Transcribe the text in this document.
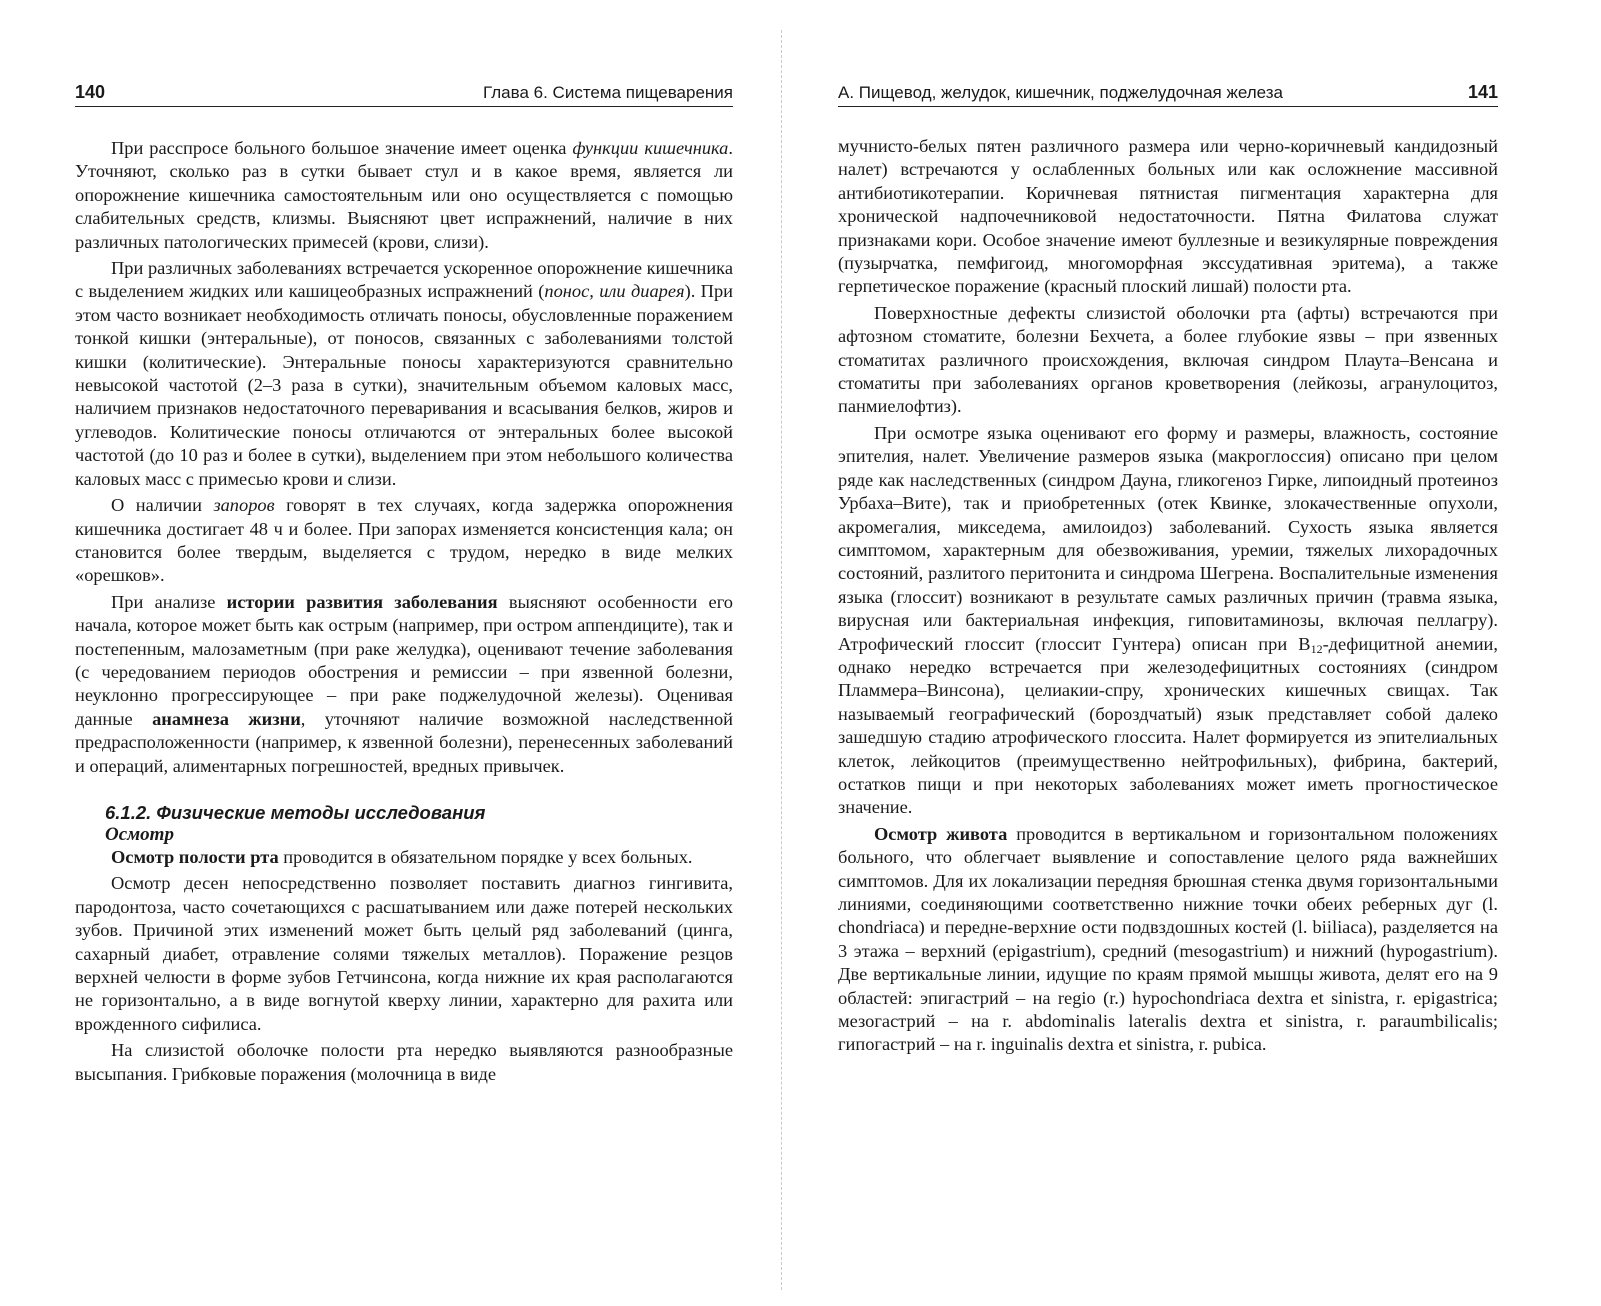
140	Глава 6. Система пищеварения

При расспросе больного большое значение имеет оценка функции кишечника. Уточняют, сколько раз в сутки бывает стул и в какое время, является ли опорожнение кишечника самостоятельным или оно осуществляется с помощью слабительных средств, клизмы. Выясняют цвет испражнений, наличие в них различных патологических примесей (крови, слизи).

При различных заболеваниях встречается ускоренное опорожнение кишечника с выделением жидких или кашицеобразных испражнений (понос, или диарея). При этом часто возникает необходимость отличать поносы, обусловленные поражением тонкой кишки (энтеральные), от поносов, связанных с заболеваниями толстой кишки (колитические). Энтеральные поносы характеризуются сравнительно невысокой частотой (2–3 раза в сутки), значительным объемом каловых масс, наличием признаков недостаточного переваривания и всасывания белков, жиров и углеводов. Колитические поносы отличаются от энтеральных более высокой частотой (до 10 раз и более в сутки), выделением при этом небольшого количества каловых масс с примесью крови и слизи.

О наличии запоров говорят в тех случаях, когда задержка опорожнения кишечника достигает 48 ч и более. При запорах изменяется консистенция кала; он становится более твердым, выделяется с трудом, нередко в виде мелких «орешков».

При анализе истории развития заболевания выясняют особенности его начала, которое может быть как острым (например, при остром аппендиците), так и постепенным, малозаметным (при раке желудка), оценивают течение заболевания (с чередованием периодов обострения и ремиссии – при язвенной болезни, неуклонно прогрессирующее – при раке поджелудочной железы). Оценивая данные анамнеза жизни, уточняют наличие возможной наследственной предрасположенности (например, к язвенной болезни), перенесенных заболеваний и операций, алиментарных погрешностей, вредных привычек.

6.1.2. Физические методы исследования
Осмотр

Осмотр полости рта проводится в обязательном порядке у всех больных.

Осмотр десен непосредственно позволяет поставить диагноз гингивита, пародонтоза, часто сочетающихся с расшатыванием или даже потерей нескольких зубов. Причиной этих изменений может быть целый ряд заболеваний (цинга, сахарный диабет, отравление солями тяжелых металлов). Поражение резцов верхней челюсти в форме зубов Гетчинсона, когда нижние их края располагаются не горизонтально, а в виде вогнутой кверху линии, характерно для рахита или врожденного сифилиса.

На слизистой оболочке полости рта нередко выявляются разнообразные высыпания. Грибковые поражения (молочница в виде

А. Пищевод, желудок, кишечник, поджелудочная железа	141

мучнисто-белых пятен различного размера или черно-коричневый кандидозный налет) встречаются у ослабленных больных или как осложнение массивной антибиотикотерапии. Коричневая пятнистая пигментация характерна для хронической надпочечниковой недостаточности. Пятна Филатова служат признаками кори. Особое значение имеют буллезные и везикулярные повреждения (пузырчатка, пемфигоид, многоморфная экссудативная эритема), а также герпетическое поражение (красный плоский лишай) полости рта.

Поверхностные дефекты слизистой оболочки рта (афты) встречаются при афтозном стоматите, болезни Бехчета, а более глубокие язвы – при язвенных стоматитах различного происхождения, включая синдром Плаута–Венсана и стоматиты при заболеваниях органов кроветворения (лейкозы, агранулоцитоз, панмиелофтиз).

При осмотре языка оценивают его форму и размеры, влажность, состояние эпителия, налет. Увеличение размеров языка (макроглоссия) описано при целом ряде как наследственных (синдром Дауна, гликогеноз Гирке, липоидный протеиноз Урбаха–Вите), так и приобретенных (отек Квинке, злокачественные опухоли, акромегалия, микседема, амилоидоз) заболеваний. Сухость языка является симптомом, характерным для обезвоживания, уремии, тяжелых лихорадочных состояний, разлитого перитонита и синдрома Шегрена. Воспалительные изменения языка (глоссит) возникают в результате самых различных причин (травма языка, вирусная или бактериальная инфекция, гиповитаминозы, включая пеллагру). Атрофический глоссит (глоссит Гунтера) описан при $B_{12}$-дефицитной анемии, однако нередко встречается при железодефицитных состояниях (синдром Пламмера–Винсона), целиакии-спру, хронических кишечных свищах. Так называемый географический (бороздчатый) язык представляет собой далеко зашедшую стадию атрофического глоссита. Налет формируется из эпителиальных клеток, лейкоцитов (преимущественно нейтрофильных), фибрина, бактерий, остатков пищи и при некоторых заболеваниях может иметь прогностическое значение.

Осмотр живота проводится в вертикальном и горизонтальном положениях больного, что облегчает выявление и сопоставление целого ряда важнейших симптомов. Для их локализации передняя брюшная стенка двумя горизонтальными линиями, соединяющими соответственно нижние точки обеих реберных дуг (l. chondriaca) и передне-верхние ости подвздошных костей (l. biiliaca), разделяется на 3 этажа – верхний (epigastrium), средний (mesogastrium) и нижний (hypogastrium). Две вертикальные линии, идущие по краям прямой мышцы живота, делят его на 9 областей: эпигастрий – на regio (r.) hypochondriaca dextra et sinistra, r. epigastrica; мезогастрий – на r. abdominalis lateralis dextra et sinistra, r. paraumbilicalis; гипогастрий – на r. inguinalis dextra et sinistra, r. pubica.
